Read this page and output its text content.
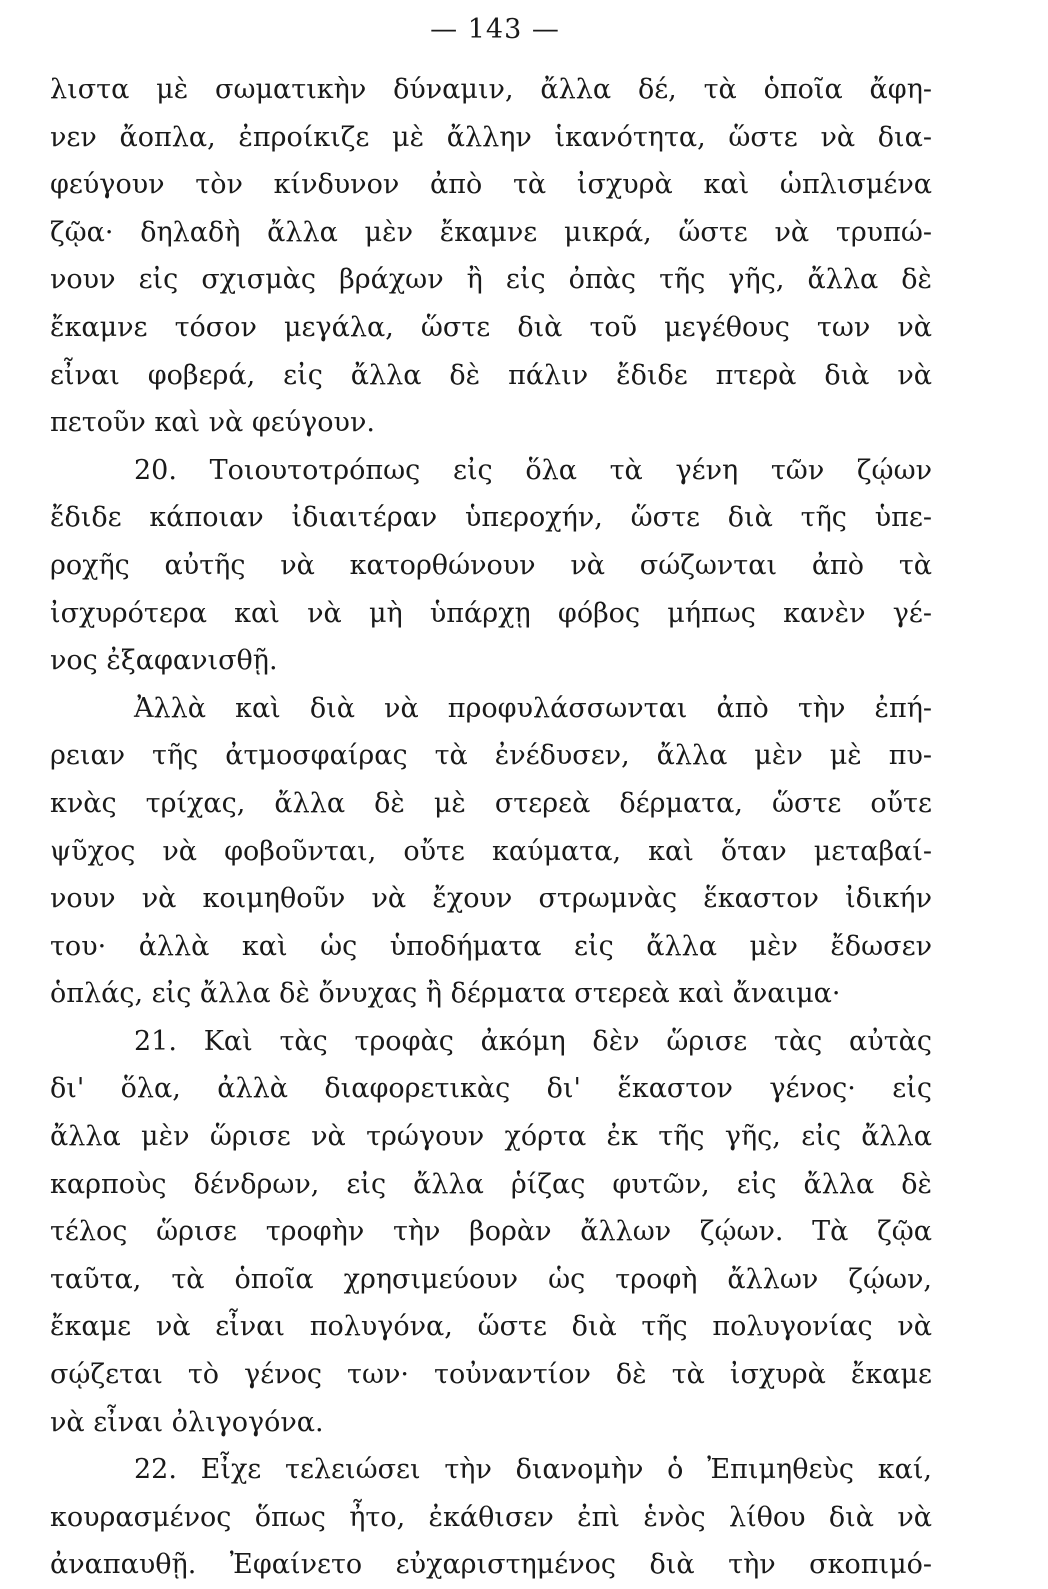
— 143 —
λιστα μὲ σωματικὴν δύναμιν, ἄλλα δέ, τὰ ὁποῖα ἄφη-
νεν ἄοπλα, ἐπροίκιζε μὲ ἄλλην ἱκανότητα, ὥστε νὰ δια-
φεύγουν τὸν κίνδυνον ἀπὸ τὰ ἰσχυρὰ καὶ ὡπλισμένα
ζῷα· δηλαδὴ ἄλλα μὲν ἔκαμνε μικρά, ὥστε νὰ τρυπώ-
νουν εἰς σχισμὰς βράχων ἢ εἰς ὀπὰς τῆς γῆς, ἄλλα δὲ
ἔκαμνε τόσον μεγάλα, ὥστε διὰ τοῦ μεγέθους των νὰ
εἶναι φοβερά, εἰς ἄλλα δὲ πάλιν ἔδιδε πτερὰ διὰ νὰ
πετοῦν καὶ νὰ φεύγουν.
20. Τοιουτοτρόπως εἰς ὅλα τὰ γένη τῶν ζῴων
ἔδιδε κάποιαν ἰδιαιτέραν ὑπεροχήν, ὥστε διὰ τῆς ὑπε-
ροχῆς αὐτῆς νὰ κατορθώνουν νὰ σώζωνται ἀπὸ τὰ
ἰσχυρότερα καὶ νὰ μὴ ὑπάρχῃ φόβος μήπως κανὲν γέ-
νος ἐξαφανισθῇ.
Ἀλλὰ καὶ διὰ νὰ προφυλάσσωνται ἀπὸ τὴν ἐπή-
ρειαν τῆς ἀτμοσφαίρας τὰ ἐνέδυσεν, ἄλλα μὲν μὲ πυ-
κνὰς τρίχας, ἄλλα δὲ μὲ στερεὰ δέρματα, ὥστε οὔτε
ψῦχος νὰ φοβοῦνται, οὔτε καύματα, καὶ ὅταν μεταβαί-
νουν νὰ κοιμηθοῦν νὰ ἔχουν στρωμνὰς ἕκαστον ἰδικήν
του· ἀλλὰ καὶ ὡς ὑποδήματα εἰς ἄλλα μὲν ἔδωσεν
ὁπλάς, εἰς ἄλλα δὲ ὄνυχας ἢ δέρματα στερεὰ καὶ ἄναιμα·
21. Καὶ τὰς τροφὰς ἀκόμη δὲν ὥρισε τὰς αὐτὰς
δι' ὅλα, ἀλλὰ διαφορετικὰς δι' ἕκαστον γένος· εἰς
ἄλλα μὲν ὥρισε νὰ τρώγουν χόρτα ἐκ τῆς γῆς, εἰς ἄλλα
καρποὺς δένδρων, εἰς ἄλλα ῥίζας φυτῶν, εἰς ἄλλα δὲ
τέλος ὥρισε τροφὴν τὴν βορὰν ἄλλων ζῴων. Τὰ ζῷα
ταῦτα, τὰ ὁποῖα χρησιμεύουν ὡς τροφὴ ἄλλων ζῴων,
ἔκαμε νὰ εἶναι πολυγόνα, ὥστε διὰ τῆς πολυγονίας νὰ
σῴζεται τὸ γένος των· τοὐναντίον δὲ τὰ ἰσχυρὰ ἔκαμε
νὰ εἶναι ὀλιγογόνα.
22. Εἶχε τελειώσει τὴν διανομὴν ὁ Ἐπιμηθεὺς καί,
κουρασμένος ὅπως ἦτο, ἐκάθισεν ἐπὶ ἑνὸς λίθου διὰ νὰ
ἀναπαυθῇ. Ἐφαίνετο εὐχαριστημένος διὰ τὴν σκοπιμό-
